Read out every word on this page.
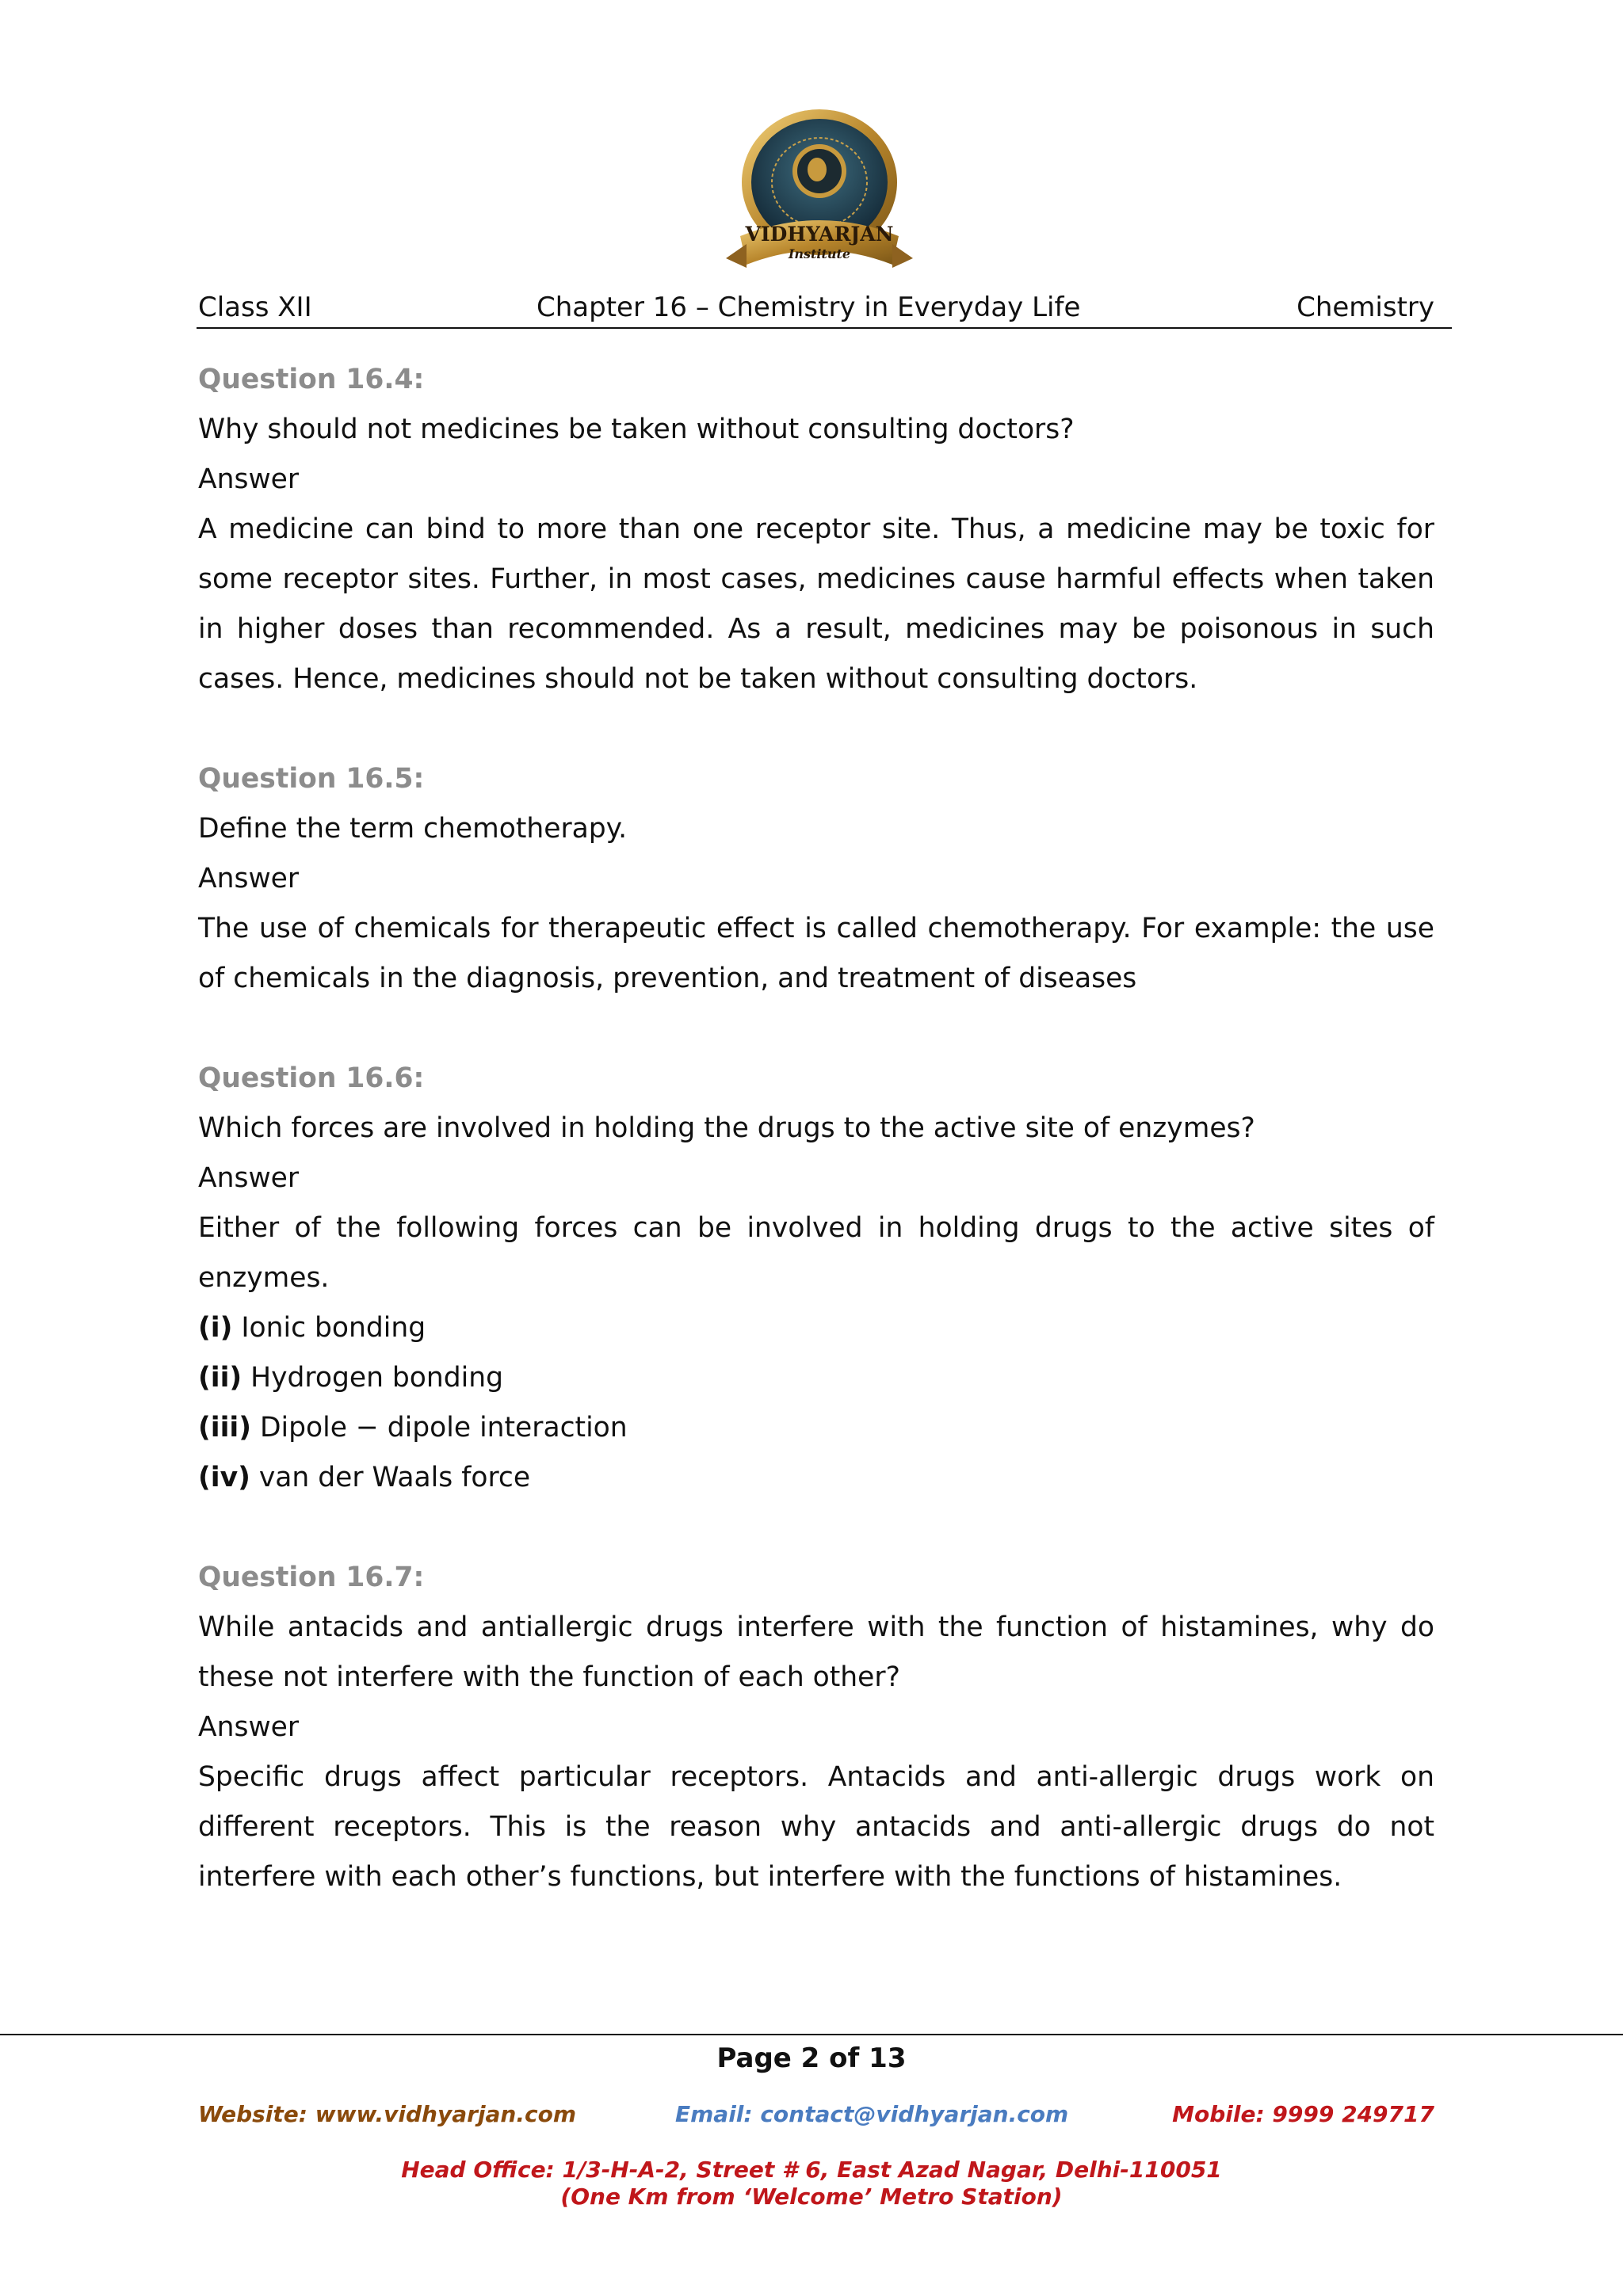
VIDHYARJAN
Institute
Class XII	Chapter 16 – Chemistry in Everyday Life	Chemistry
Question 16.4:
Why should not medicines be taken without consulting doctors?
Answer
A medicine can bind to more than one receptor site. Thus, a medicine may be toxic for some receptor sites. Further, in most cases, medicines cause harmful effects when taken in higher doses than recommended. As a result, medicines may be poisonous in such cases. Hence, medicines should not be taken without consulting doctors.
Question 16.5:
Define the term chemotherapy.
Answer
The use of chemicals for therapeutic effect is called chemotherapy. For example: the use of chemicals in the diagnosis, prevention, and treatment of diseases
Question 16.6:
Which forces are involved in holding the drugs to the active site of enzymes?
Answer
Either of the following forces can be involved in holding drugs to the active sites of enzymes.
(i) Ionic bonding
(ii) Hydrogen bonding
(iii) Dipole − dipole interaction
(iv) van der Waals force
Question 16.7:
While antacids and antiallergic drugs interfere with the function of histamines, why do these not interfere with the function of each other?
Answer
Specific drugs affect particular receptors. Antacids and anti-allergic drugs work on different receptors. This is the reason why antacids and anti-allergic drugs do not interfere with each other’s functions, but interfere with the functions of histamines.
Page 2 of 13
Website: www.vidhyarjan.com	Email: contact@vidhyarjan.com	Mobile: 9999 249717
Head Office: 1/3-H-A-2, Street # 6, East Azad Nagar, Delhi-110051
(One Km from ‘Welcome’ Metro Station)
